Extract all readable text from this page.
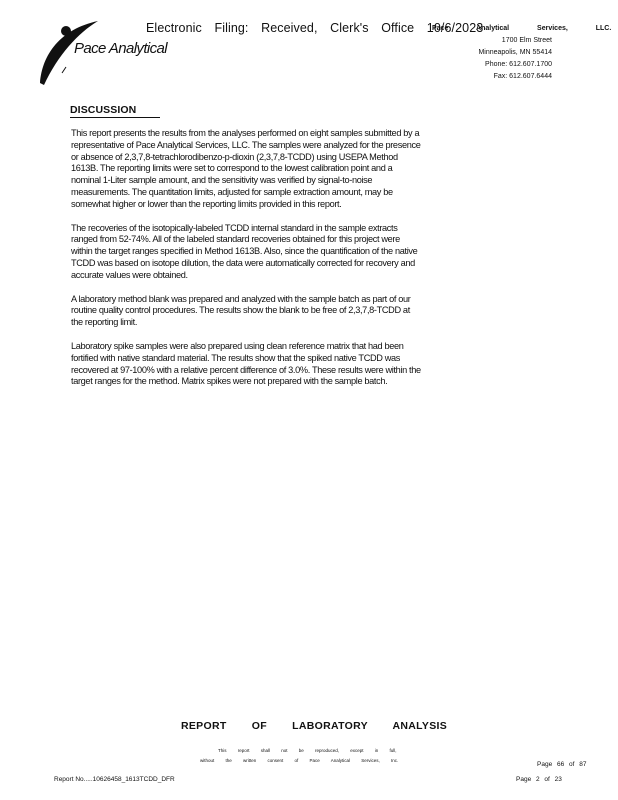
Electronic Filing: Received, Clerk's Office 10/6/2023
Pace Analytical
Pace Analytical Services, LLC.
1700 Elm Street
Minneapolis, MN 55414
Phone: 612.607.1700
Fax: 612.607.6444
DISCUSSION

This report presents the results from the analyses performed on eight samples submitted by a representative of Pace Analytical Services, LLC. The samples were analyzed for the presence or absence of 2,3,7,8-tetrachlorodibenzo-p-dioxin (2,3,7,8-TCDD) using USEPA Method 1613B. The reporting limits were set to correspond to the lowest calibration point and a nominal 1-Liter sample amount, and the sensitivity was verified by signal-to-noise measurements. The quantitation limits, adjusted for sample extraction amount, may be somewhat higher or lower than the reporting limits provided in this report.

The recoveries of the isotopically-labeled TCDD internal standard in the sample extracts ranged from 52-74%. All of the labeled standard recoveries obtained for this project were within the target ranges specified in Method 1613B. Also, since the quantification of the native TCDD was based on isotope dilution, the data were automatically corrected for recovery and accurate values were obtained.

A laboratory method blank was prepared and analyzed with the sample batch as part of our routine quality control procedures. The results show the blank to be free of 2,3,7,8-TCDD at the reporting limit.

Laboratory spike samples were also prepared using clean reference matrix that had been fortified with native standard material. The results show that the spiked native TCDD was recovered at 97-100% with a relative percent difference of 3.0%. These results were within the target ranges for the method. Matrix spikes were not prepared with the sample batch.

REPORT OF LABORATORY ANALYSIS
This report shall not be reproduced, except in full,
without the written consent of Pace Analytical Services, Inc.
Page 66 of 87
Report No.....10626458_1613TCDD_DFR	Page 2 of 23
